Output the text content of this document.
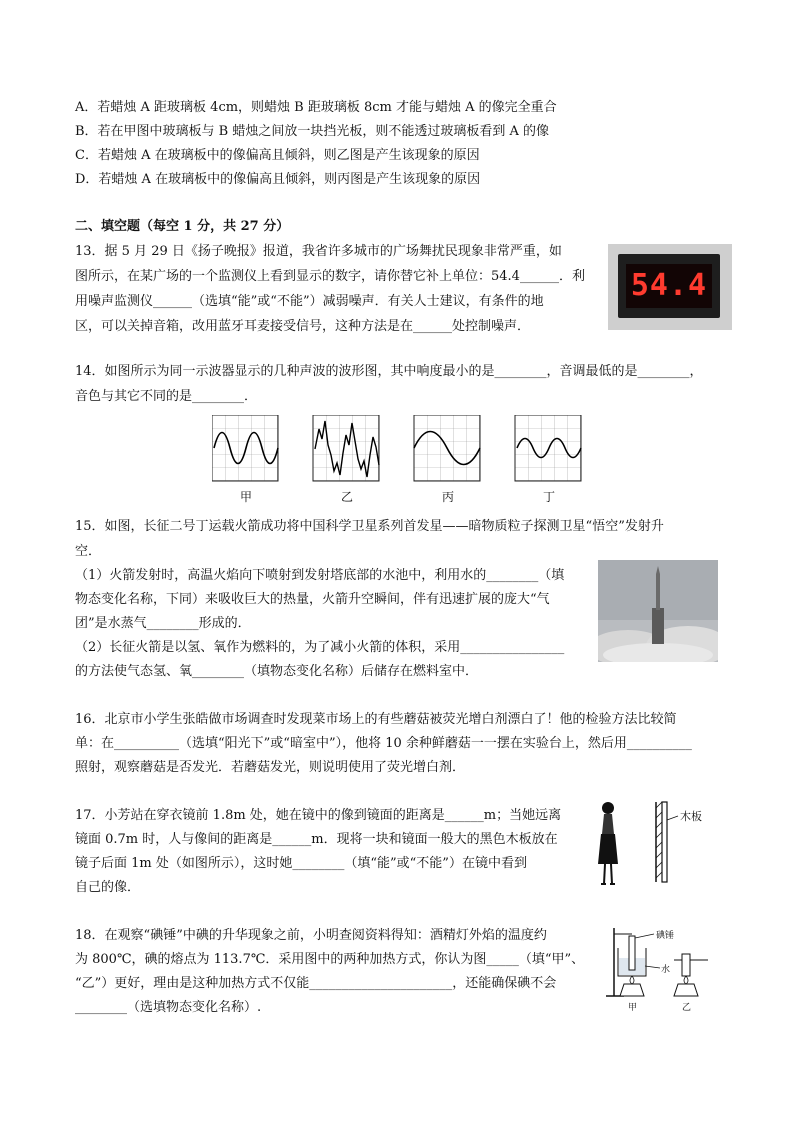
A．若蜡烛 A 距玻璃板 4cm，则蜡烛 B 距玻璃板 8cm 才能与蜡烛 A 的像完全重合
B．若在甲图中玻璃板与 B 蜡烛之间放一块挡光板，则不能透过玻璃板看到 A 的像
C．若蜡烛 A 在玻璃板中的像偏高且倾斜，则乙图是产生该现象的原因
D．若蜡烛 A 在玻璃板中的像偏高且倾斜，则丙图是产生该现象的原因
二、填空题（每空 1 分，共 27 分）
13．据 5 月 29 日《扬子晚报》报道，我省许多城市的广场舞扰民现象非常严重，如
图所示，在某广场的一个监测仪上看到显示的数字，请你替它补上单位：54.4______．利
用噪声监测仪______（选填“能”或“不能”）减弱噪声．有关人士建议，有条件的地
区，可以关掉音箱，改用蓝牙耳麦接受信号，这种方法是在______处控制噪声．
54.4
14．如图所示为同一示波器显示的几种声波的波形图，其中响度最小的是________，音调最低的是________，
音色与其它不同的是________．
甲	乙	丙	丁
15．如图，长征二号丁运载火箭成功将中国科学卫星系列首发星——暗物质粒子探测卫星“悟空”发射升
空．
（1）火箭发射时，高温火焰向下喷射到发射塔底部的水池中，利用水的________（填
物态变化名称，下同）来吸收巨大的热量，火箭升空瞬间，伴有迅速扩展的庞大“气
团”是水蒸气________形成的．
（2）长征火箭是以氢、氧作为燃料的，为了减小火箭的体积，采用________________
的方法使气态氢、氧________（填物态变化名称）后储存在燃料室中．
16．北京市小学生张皓做市场调查时发现菜市场上的有些蘑菇被荧光增白剂漂白了！他的检验方法比较简
单：在__________（选填“阳光下”或“暗室中”），他将 10 余种鲜蘑菇一一摆在实验台上，然后用__________
照射，观察蘑菇是否发光．若蘑菇发光，则说明使用了荧光增白剂．
17．小芳站在穿衣镜前 1.8m 处，她在镜中的像到镜面的距离是______m；当她远离
镜面 0.7m 时，人与像间的距离是______m．现将一块和镜面一般大的黑色木板放在
镜子后面 1m 处（如图所示），这时她________（填“能”或“不能”）在镜中看到
自己的像．
木板
18．在观察“碘锤”中碘的升华现象之前，小明查阅资料得知：酒精灯外焰的温度约
为 800℃，碘的熔点为 113.7℃．采用图中的两种加热方式，你认为图_____（填“甲”、
“乙”）更好，理由是这种加热方式不仅能______________________，还能确保碘不会
________（选填物态变化名称）.
碘锤
水
甲	乙
